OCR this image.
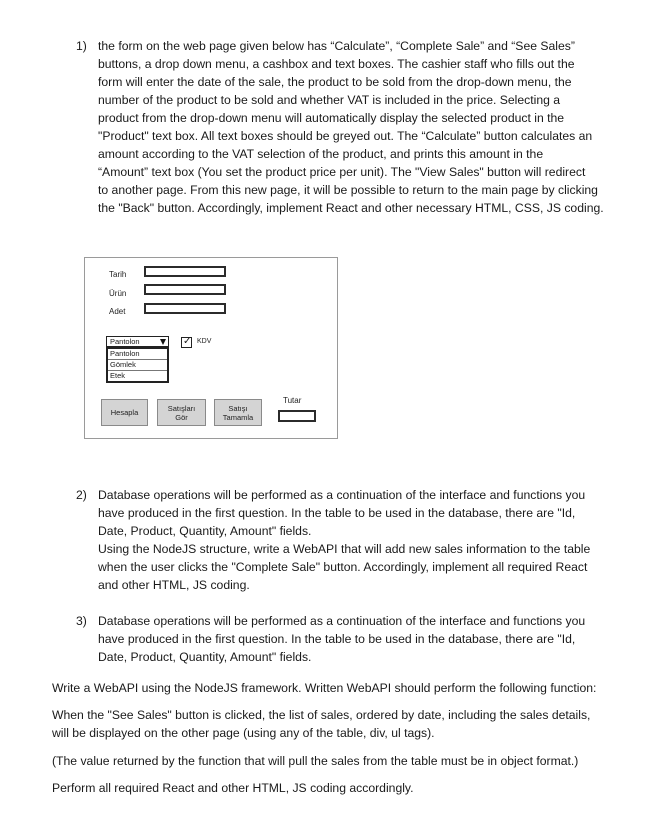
1) the form on the web page given below has “Calculate”, “Complete Sale” and “See Sales”
buttons, a drop down menu, a cashbox and text boxes. The cashier staff who fills out the
form will enter the date of the sale, the product to be sold from the drop-down menu, the
number of the product to be sold and whether VAT is included in the price. Selecting a
product from the drop-down menu will automatically display the selected product in the
"Product" text box. All text boxes should be greyed out. The “Calculate” button calculates an
amount according to the VAT selection of the product, and prints this amount in the
“Amount” text box (You set the product price per unit). The "View Sales" button will redirect
to another page. From this new page, it will be possible to return to the main page by clicking
the "Back" button. Accordingly, implement React and other necessary HTML, CSS, JS coding.
Tarih
Ürün
Adet
Pantolon
Pantolon
Gömlek
Etek
✓ KDV
Hesapla	Satışları
Gör
Satışı
Tamamla
Tutar
2) Database operations will be performed as a continuation of the interface and functions you
have produced in the first question. In the table to be used in the database, there are "Id,
Date, Product, Quantity, Amount" fields.
Using the NodeJS structure, write a WebAPI that will add new sales information to the table
when the user clicks the "Complete Sale" button. Accordingly, implement all required React
and other HTML, JS coding.
3) Database operations will be performed as a continuation of the interface and functions you
have produced in the first question. In the table to be used in the database, there are "Id,
Date, Product, Quantity, Amount" fields.
Write a WebAPI using the NodeJS framework. Written WebAPI should perform the following function:
When the "See Sales" button is clicked, the list of sales, ordered by date, including the sales details,
will be displayed on the other page (using any of the table, div, ul tags).
(The value returned by the function that will pull the sales from the table must be in object format.)
Perform all required React and other HTML, JS coding accordingly.
